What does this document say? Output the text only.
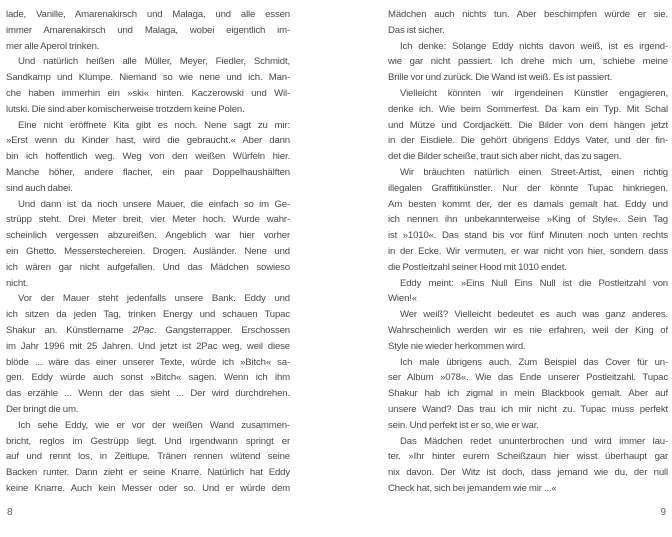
lade, Vanille, Amarenakirsch und Malaga, und alle essen
immer Amarenakirsch und Malaga, wobei eigentlich im-
mer alle Aperol trinken.
Und natürlich heißen alle Müller, Meyer, Fiedler, Schmidt,
Sandkamp und Klumpe. Niemand so wie nene und ich. Man-
che haben immerhin ein »ski« hinten. Kaczerowski und Wil-
lutski. Die sind aber komischerweise trotzdem keine Polen.
Eine nicht eröffnete Kita gibt es noch. Nene sagt zu mir:
»Erst wenn du Kinder hast, wird die gebraucht.« Aber dann
bin ich hoffentlich weg. Weg von den weißen Würfeln hier.
Manche höher, andere flacher, ein paar Doppelhaushälften
sind auch dabei.
Und dann ist da noch unsere Mauer, die einfach so im Ge-
strüpp steht. Drei Meter breit, vier Meter hoch. Wurde wahr-
scheinlich vergessen abzureißen. Angeblich war hier vorher
ein Ghetto. Messerstechereien. Drogen. Ausländer. Nene und
ich wären gar nicht aufgefallen. Und das Mädchen sowieso
nicht.
Vor der Mauer steht jedenfalls unsere Bank. Eddy und
ich sitzen da jeden Tag, trinken Energy und schauen Tupac
Shakur an. Künstlername 2Pac. Gangsterrapper. Erschossen
im Jahr 1996 mit 25 Jahren. Und jetzt ist 2Pac weg, weil diese
blöde ... wäre das einer unserer Texte, würde ich »Bitch« sa-
gen. Eddy würde auch sonst »Bitch« sagen. Wenn ich ihm
das erzähle ... Wenn der das sieht ... Der wird durchdrehen.
Der bringt die um.
Ich sehe Eddy, wie er vor der weißen Wand zusammen-
bricht, reglos im Gestrüpp liegt. Und irgendwann springt er
auf und rennt los, in Zeitlupe. Tränen rennen wütend seine
Backen runter. Dann zieht er seine Knarre. Natürlich hat Eddy
keine Knarre. Auch kein Messer oder so. Und er würde dem
8
Mädchen auch nichts tun. Aber beschimpfen würde er sie.
Das ist sicher.
Ich denke: Solange Eddy nichts davon weiß, ist es irgend-
wie gar nicht passiert. Ich drehe mich um, schiebe meine
Brille vor und zurück. Die Wand ist weiß. Es ist passiert.
Vielleicht könnten wir irgendeinen Künstler engagieren,
denke ich. Wie beim Sommerfest. Da kam ein Typ. Mit Schal
und Mütze und Cordjackett. Die Bilder von dem hängen jetzt
in der Eisdiele. Die gehört übrigens Eddys Vater, und der fin-
det die Bilder scheiße, traut sich aber nicht, das zu sagen.
Wir bräuchten natürlich einen Street-Artist, einen richtig
illegalen Graffitikünstler. Nur der könnte Tupac hinkriegen.
Am besten kommt der, der es damals gemalt hat. Eddy und
ich nennen ihn unbekannterweise »King of Style«. Sein Tag
ist »1010«. Das stand bis vor fünf Minuten noch unten rechts
in der Ecke. Wir vermuten, er war nicht von hier, sondern dass
die Postleitzahl seiner Hood mit 1010 endet.
Eddy meint: »Eins Null Eins Null ist die Postleitzahl von
Wien!«
Wer weiß? Vielleicht bedeutet es auch was ganz anderes.
Wahrscheinlich werden wir es nie erfahren, weil der King of
Style nie wieder herkommen wird.
Ich male übrigens auch. Zum Beispiel das Cover für un-
ser Album »078«. Wie das Ende unserer Postleitzahl. Tupac
Shakur hab ich zigmal in mein Blackbook gemalt. Aber auf
unsere Wand? Das trau ich mir nicht zu. Tupac muss perfekt
sein. Und perfekt ist er so, wie er war.
Das Mädchen redet ununterbrochen und wird immer lau-
ter. »Ihr hinter eurem Scheißzaun hier wisst überhaupt gar
nix davon. Der Witz ist doch, dass jemand wie du, der null
Check hat, sich bei jemandem wie mir ...«
9
